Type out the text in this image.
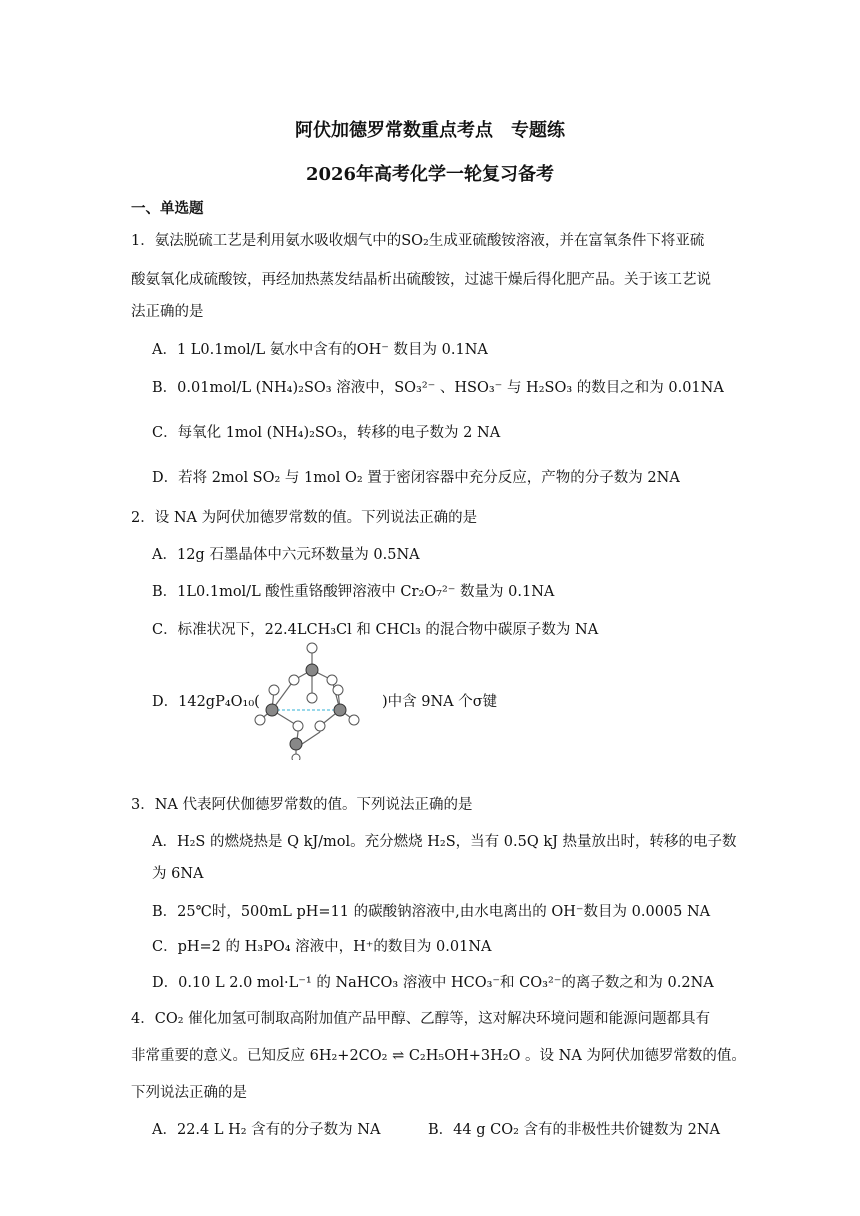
阿伏加德罗常数重点考点　专题练
2026年高考化学一轮复习备考
一、单选题
1．氨法脱硫工艺是利用氨水吸收烟气中的SO₂生成亚硫酸铵溶液，并在富氧条件下将亚硫
酸氨氧化成硫酸铵，再经加热蒸发结晶析出硫酸铵，过滤干燥后得化肥产品。关于该工艺说
法正确的是
A．1 L0.1mol/L 氨水中含有的OH⁻ 数目为 0.1NA
B．0.01mol/L (NH₄)₂SO₃ 溶液中，SO₃²⁻ 、HSO₃⁻ 与 H₂SO₃ 的数目之和为 0.01NA
C．每氧化 1mol (NH₄)₂SO₃，转移的电子数为 2 NA
D．若将 2mol SO₂ 与 1mol O₂ 置于密闭容器中充分反应，产物的分子数为 2NA
2．设 NA 为阿伏加德罗常数的值。下列说法正确的是
A．12g 石墨晶体中六元环数量为 0.5NA
B．1L0.1mol/L 酸性重铬酸钾溶液中 Cr₂O₇²⁻ 数量为 0.1NA
C．标准状况下，22.4LCH₃Cl 和 CHCl₃ 的混合物中碳原子数为 NA
D．142gP₄O₁₀(	)中含 9NA 个σ键
3．NA 代表阿伏伽德罗常数的值。下列说法正确的是
A．H₂S 的燃烧热是 Q kJ/mol。充分燃烧 H₂S，当有 0.5Q kJ 热量放出时，转移的电子数
为 6NA
B．25℃时，500mL pH=11 的碳酸钠溶液中,由水电离出的 OH⁻数目为 0.0005 NA
C．pH=2 的 H₃PO₄ 溶液中，H⁺的数目为 0.01NA
D．0.10 L 2.0 mol·L⁻¹ 的 NaHCO₃ 溶液中 HCO₃⁻和 CO₃²⁻的离子数之和为 0.2NA
4．CO₂ 催化加氢可制取高附加值产品甲醇、乙醇等，这对解决环境问题和能源问题都具有
非常重要的意义。已知反应 6H₂+2CO₂ ⇌ C₂H₅OH+3H₂O 。设 NA 为阿伏加德罗常数的值。
下列说法正确的是
A．22.4 L H₂ 含有的分子数为 NA	B．44 g CO₂ 含有的非极性共价键数为 2NA
